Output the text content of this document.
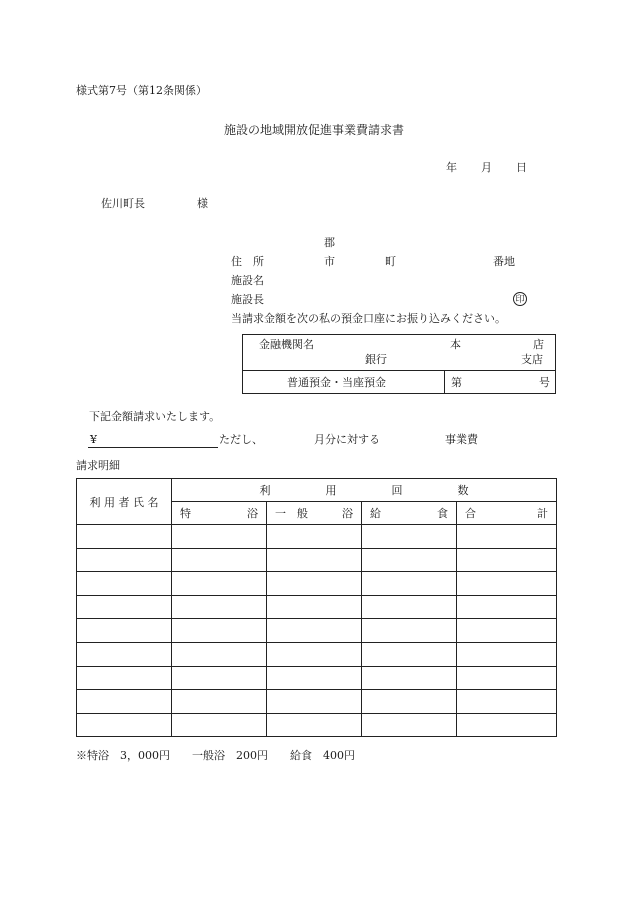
様式第7号（第12条関係）
施設の地域開放促進事業費請求書
年 月 日
佐川町長	様
郡
住　所	市	町	番地
施設名
施設長	印
当請求金額を次の私の預金口座にお振り込みください。
金融機関名	本	店
銀行	支店
普通預金・当座預金	第	号
下記金額請求いたします。
¥	ただし、	月分に対する	事業費
請求明細
利 用 者 氏 名	利 用 回 数			

	特 浴	一　般 浴	給 食	合 計

※特浴　3，000円　　一般浴　200円　　給食　400円
